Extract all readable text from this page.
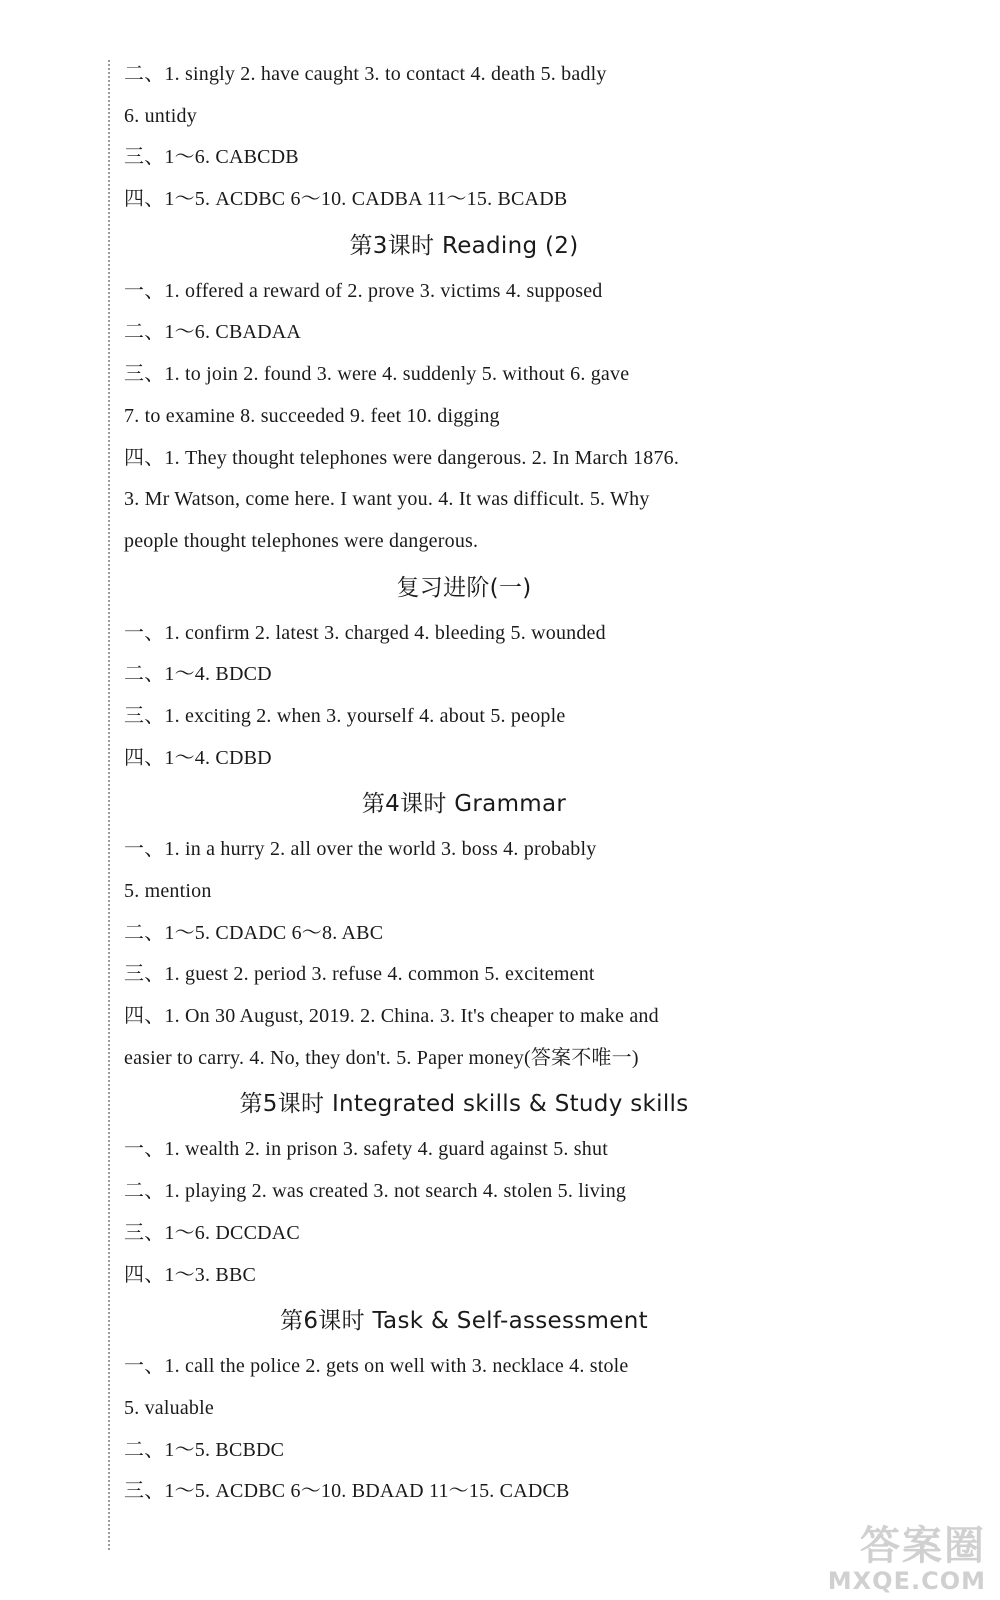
二、1. singly 2. have caught 3. to contact 4. death 5. badly
6. untidy
三、1～6. CABCDB
四、1～5. ACDBC 6～10. CADBA 11～15. BCADB
第3课时 Reading (2)
一、1. offered a reward of 2. prove 3. victims 4. supposed
二、1～6. CBADAA
三、1. to join 2. found 3. were 4. suddenly 5. without 6. gave
7. to examine 8. succeeded 9. feet 10. digging
四、1. They thought telephones were dangerous. 2. In March 1876.
3. Mr Watson, come here. I want you. 4. It was difficult. 5. Why
people thought telephones were dangerous.
复习进阶(一)
一、1. confirm 2. latest 3. charged 4. bleeding 5. wounded
二、1～4. BDCD
三、1. exciting 2. when 3. yourself 4. about 5. people
四、1～4. CDBD
第4课时 Grammar
一、1. in a hurry 2. all over the world 3. boss 4. probably
5. mention
二、1～5. CDADC 6～8. ABC
三、1. guest 2. period 3. refuse 4. common 5. excitement
四、1. On 30 August, 2019. 2. China. 3. It's cheaper to make and
easier to carry. 4. No, they don't. 5. Paper money(答案不唯一)
第5课时 Integrated skills & Study skills
一、1. wealth 2. in prison 3. safety 4. guard against 5. shut
二、1. playing 2. was created 3. not search 4. stolen 5. living
三、1～6. DCCDAC
四、1～3. BBC
第6课时 Task & Self-assessment
一、1. call the police 2. gets on well with 3. necklace 4. stole
5. valuable
二、1～5. BCBDC
三、1～5. ACDBC 6～10. BDAAD 11～15. CADCB
答案圈
MXQE.COM
